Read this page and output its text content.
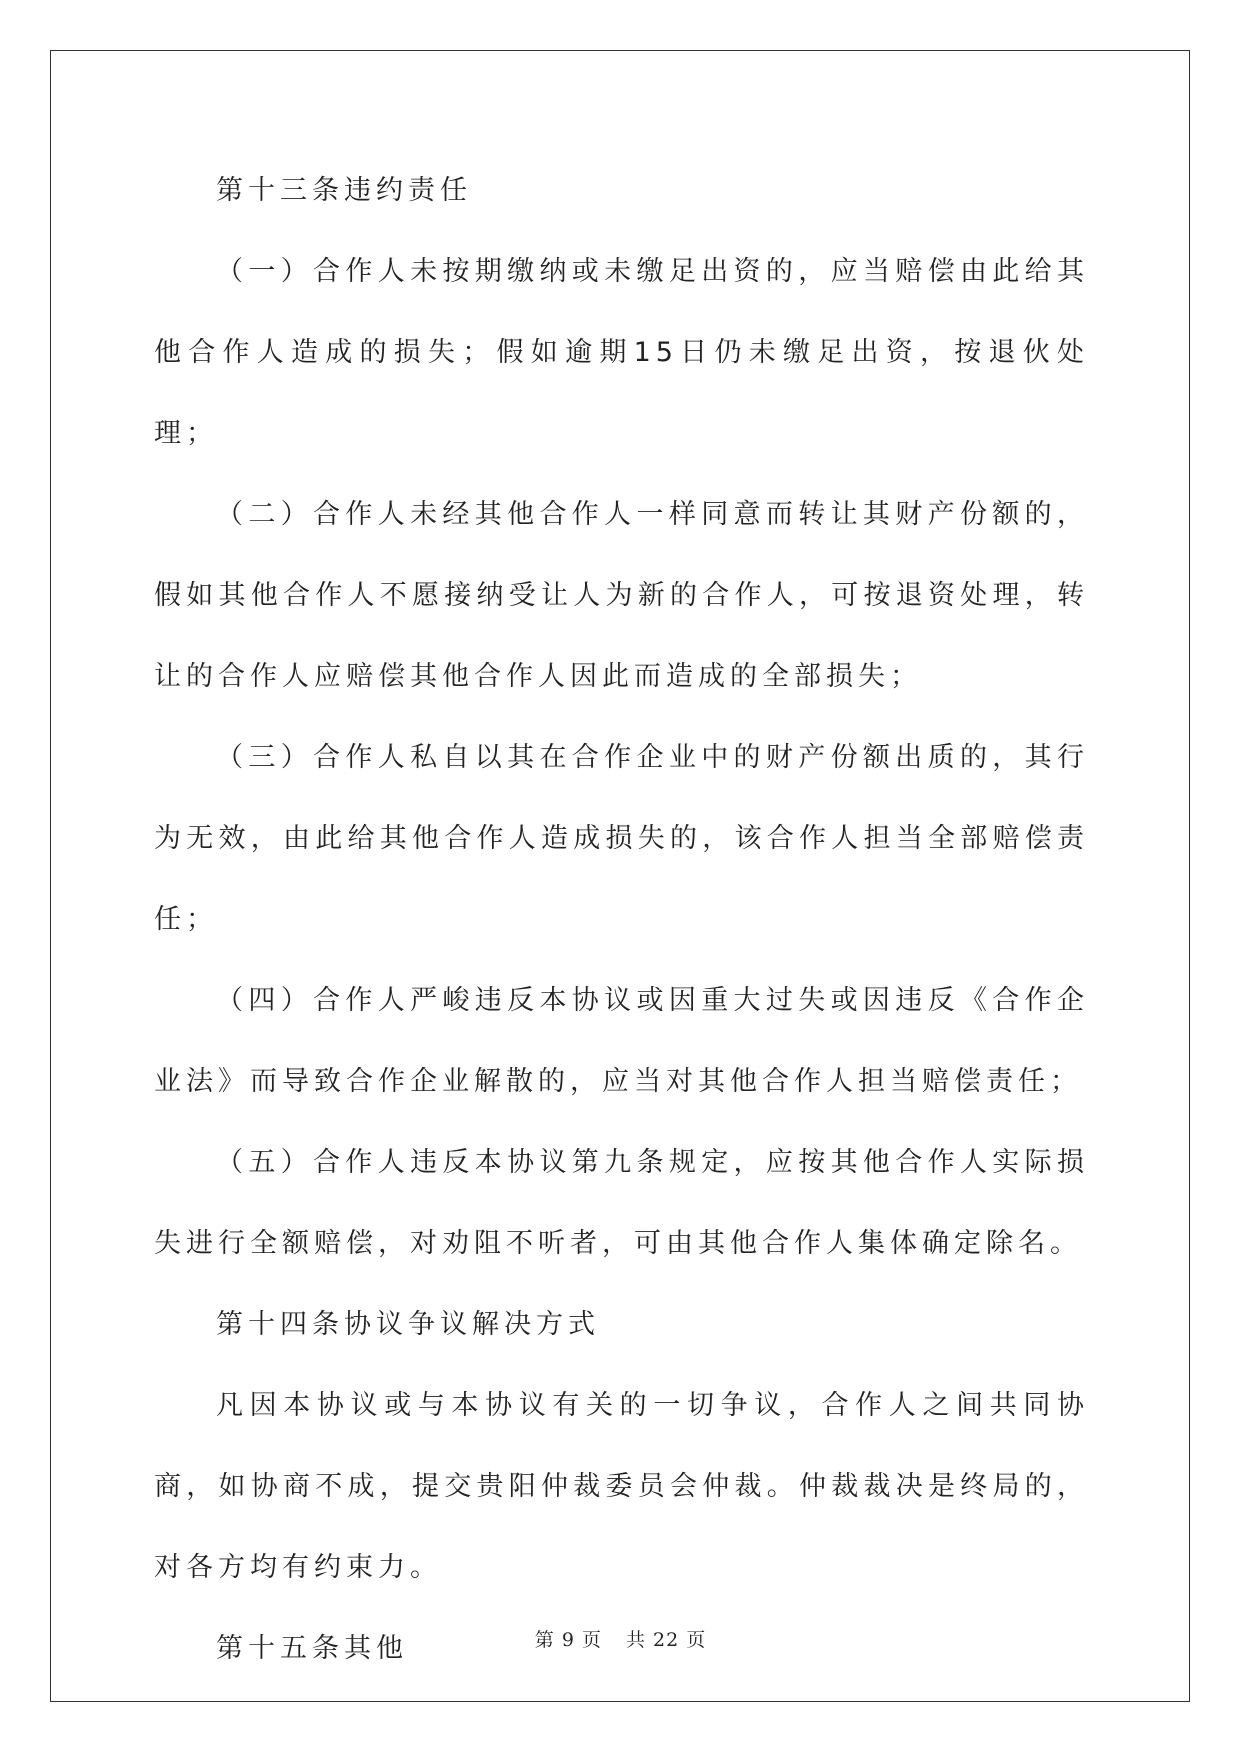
第十三条违约责任

（一）合作人未按期缴纳或未缴足出资的，应当赔偿由此给其他合作人造成的损失；假如逾期15日仍未缴足出资，按退伙处理；

（二）合作人未经其他合作人一样同意而转让其财产份额的，假如其他合作人不愿接纳受让人为新的合作人，可按退资处理，转让的合作人应赔偿其他合作人因此而造成的全部损失；

（三）合作人私自以其在合作企业中的财产份额出质的，其行为无效，由此给其他合作人造成损失的，该合作人担当全部赔偿责任；

（四）合作人严峻违反本协议或因重大过失或因违反《合作企业法》而导致合作企业解散的，应当对其他合作人担当赔偿责任；

（五）合作人违反本协议第九条规定，应按其他合作人实际损失进行全额赔偿，对劝阻不听者，可由其他合作人集体确定除名。

第十四条协议争议解决方式

凡因本协议或与本协议有关的一切争议，合作人之间共同协商，如协商不成，提交贵阳仲裁委员会仲裁。仲裁裁决是终局的，对各方均有约束力。

第十五条其他	第 9 页 共 22 页
